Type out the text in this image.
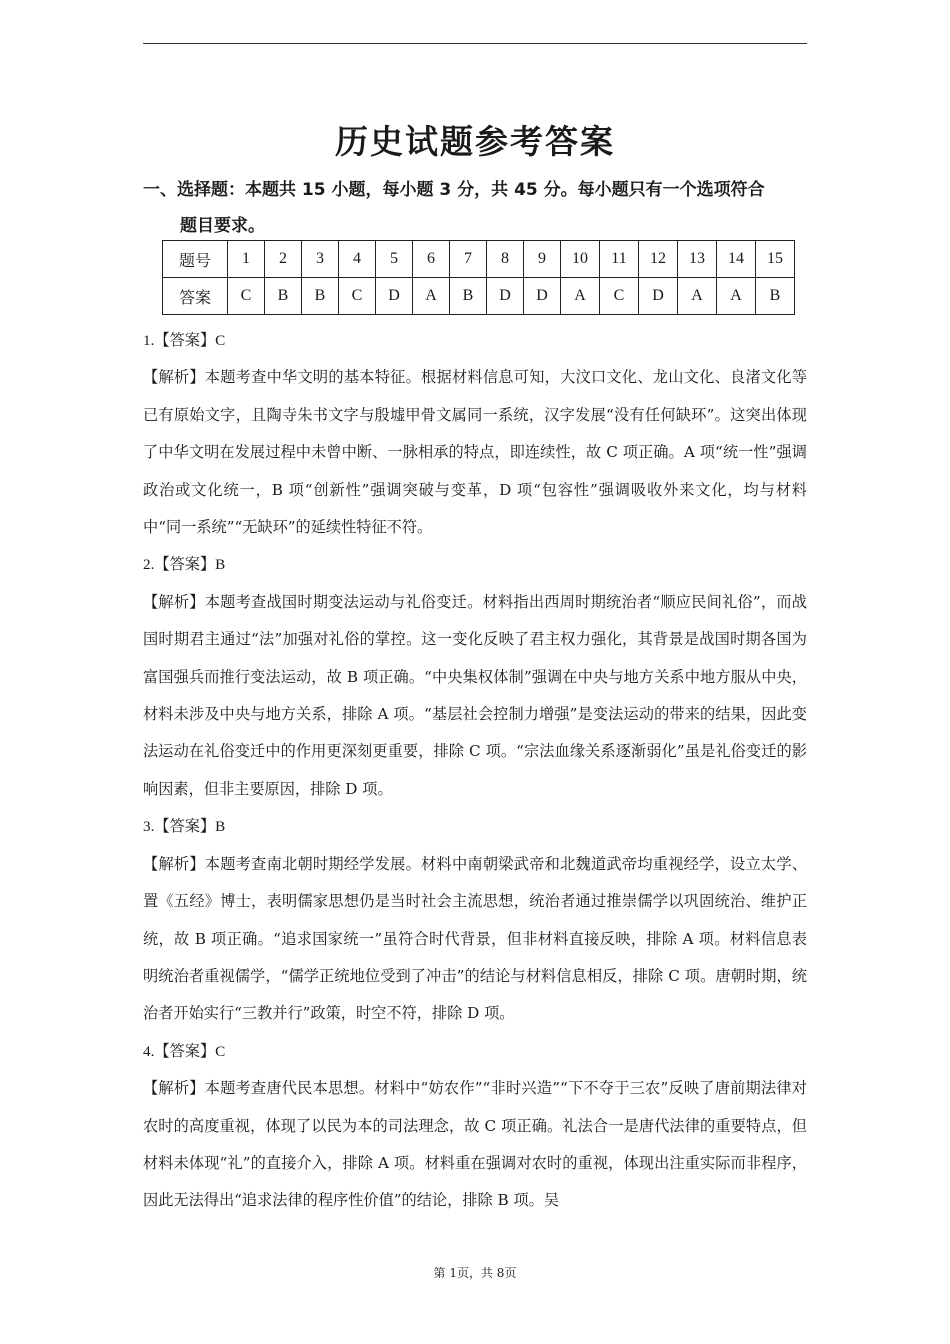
历史试题参考答案
一、选择题：本题共 15 小题，每小题 3 分，共 45 分。每小题只有一个选项符合
题目要求。
题号	1	2	3	4	5	6	7	8	9	10	11	12	13	14	15
答案	C	B	B	C	D	A	B	D	D	A	C	D	A	A	B

1.【答案】C

【解析】本题考查中华文明的基本特征。根据材料信息可知，大汶口文化、龙山文化、良渚文化等已有原始文字，且陶寺朱书文字与殷墟甲骨文属同一系统，汉字发展“没有任何缺环”。这突出体现了中华文明在发展过程中未曾中断、一脉相承的特点，即连续性，故 C 项正确。A 项“统一性”强调政治或文化统一，B 项“创新性”强调突破与变革，D 项“包容性”强调吸收外来文化，均与材料中“同一系统”“无缺环”的延续性特征不符。

2.【答案】B

【解析】本题考查战国时期变法运动与礼俗变迁。材料指出西周时期统治者“顺应民间礼俗”，而战国时期君主通过“法”加强对礼俗的掌控。这一变化反映了君主权力强化，其背景是战国时期各国为富国强兵而推行变法运动，故 B 项正确。“中央集权体制”强调在中央与地方关系中地方服从中央，材料未涉及中央与地方关系，排除 A 项。“基层社会控制力增强”是变法运动的带来的结果，因此变法运动在礼俗变迁中的作用更深刻更重要，排除 C 项。“宗法血缘关系逐渐弱化”虽是礼俗变迁的影响因素，但非主要原因，排除 D 项。

3.【答案】B

【解析】本题考查南北朝时期经学发展。材料中南朝梁武帝和北魏道武帝均重视经学，设立太学、置《五经》博士，表明儒家思想仍是当时社会主流思想，统治者通过推崇儒学以巩固统治、维护正统，故 B 项正确。“追求国家统一”虽符合时代背景，但非材料直接反映，排除 A 项。材料信息表明统治者重视儒学，“儒学正统地位受到了冲击”的结论与材料信息相反，排除 C 项。唐朝时期，统治者开始实行“三教并行”政策，时空不符，排除 D 项。

4.【答案】C

【解析】本题考查唐代民本思想。材料中“妨农作”“非时兴造”“下不夺于三农”反映了唐前期法律对农时的高度重视，体现了以民为本的司法理念，故 C 项正确。礼法合一是唐代法律的重要特点，但材料未体现“礼”的直接介入，排除 A 项。材料重在强调对农时的重视，体现出注重实际而非程序，因此无法得出“追求法律的程序性价值”的结论，排除 B 项。吴

第 1页，共 8页
